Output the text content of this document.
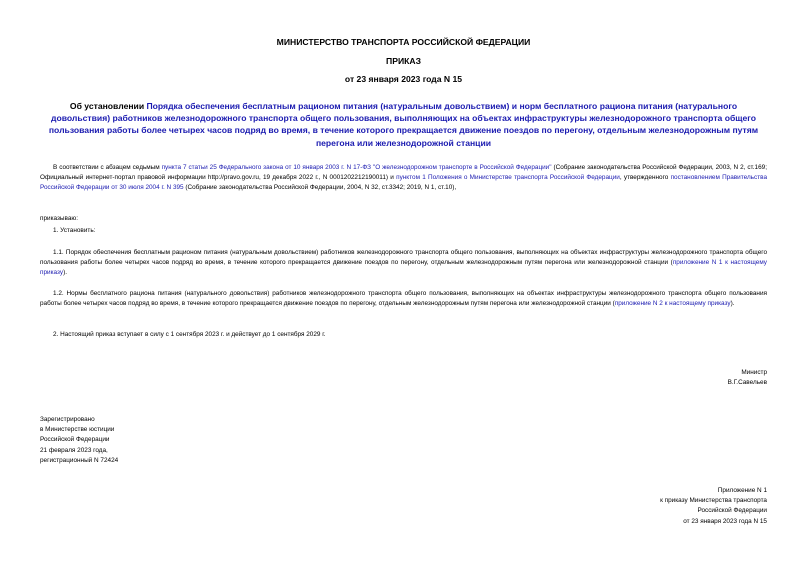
МИНИСТЕРСТВО ТРАНСПОРТА РОССИЙСКОЙ ФЕДЕРАЦИИ
ПРИКАЗ
от 23 января 2023 года N 15
Об установлении Порядка обеспечения бесплатным рационом питания (натуральным довольствием) и норм бесплатного рациона питания (натурального довольствия) работников железнодорожного транспорта общего пользования, выполняющих на объектах инфраструктуры железнодорожного транспорта общего пользования работы более четырех часов подряд во время, в течение которого прекращается движение поездов по перегону, отдельным железнодорожным путям перегона или железнодорожной станции
В соответствии с абзацем седьмым пункта 7 статьи 25 Федерального закона от 10 января 2003 г. N 17-ФЗ "О железнодорожном транспорте в Российской Федерации" (Собрание законодательства Российской Федерации, 2003, N 2, ст.169; Официальный интернет-портал правовой информации http://pravo.gov.ru, 19 декабря 2022 г., N 0001202212190011) и пунктом 1 Положения о Министерстве транспорта Российской Федерации, утвержденного постановлением Правительства Российской Федерации от 30 июля 2004 г. N 395 (Собрание законодательства Российской Федерации, 2004, N 32, ст.3342; 2019, N 1, ст.10),
приказываю:
1. Установить:
1.1. Порядок обеспечения бесплатным рационом питания (натуральным довольствием) работников железнодорожного транспорта общего пользования, выполняющих на объектах инфраструктуры железнодорожного транспорта общего пользования работы более четырех часов подряд во время, в течение которого прекращается движение поездов по перегону, отдельным железнодорожным путям перегона или железнодорожной станции (приложение N 1 к настоящему приказу).
1.2. Нормы бесплатного рациона питания (натурального довольствия) работников железнодорожного транспорта общего пользования, выполняющих на объектах инфраструктуры железнодорожного транспорта общего пользования работы более четырех часов подряд во время, в течение которого прекращается движение поездов по перегону, отдельным железнодорожным путям перегона или железнодорожной станции (приложение N 2 к настоящему приказу).
2. Настоящий приказ вступает в силу с 1 сентября 2023 г. и действует до 1 сентября 2029 г.
Министр
В.Г.Савельев
Зарегистрировано
в Министерстве юстиции
Российской Федерации
21 февраля 2023 года,
регистрационный N 72424
Приложение N 1
к приказу Министерства транспорта
Российской Федерации
от 23 января 2023 года N 15
